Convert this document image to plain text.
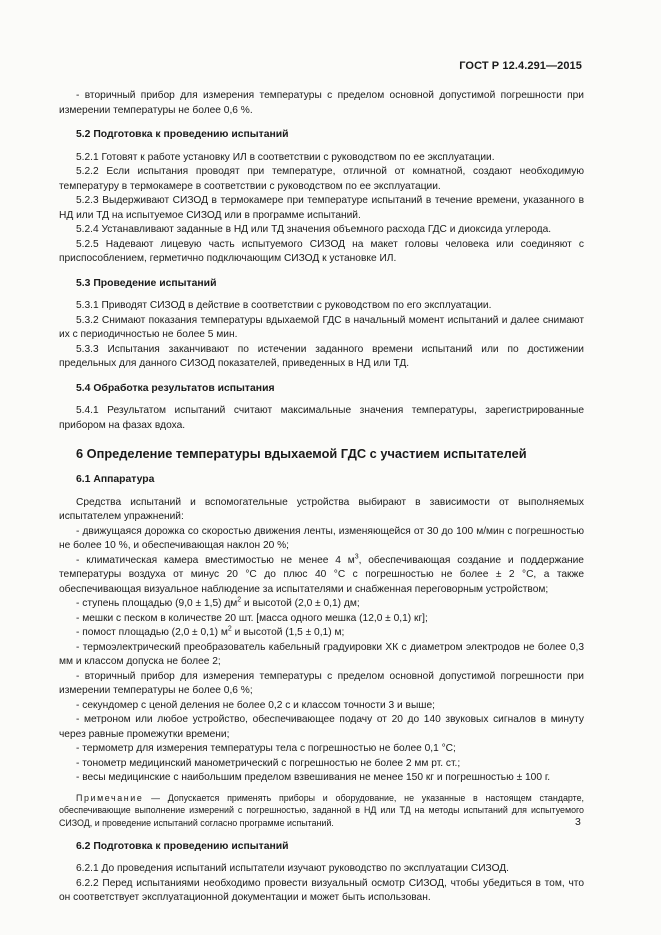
ГОСТ Р 12.4.291—2015

- вторичный прибор для измерения температуры с пределом основной допустимой погрешности при измерении температуры не более 0,6 %.

5.2 Подготовка к проведению испытаний

5.2.1 Готовят к работе установку ИЛ в соответствии с руководством по ее эксплуатации.

5.2.2 Если испытания проводят при температуре, отличной от комнатной, создают необходимую температуру в термокамере в соответствии с руководством по ее эксплуатации.

5.2.3 Выдерживают СИЗОД в термокамере при температуре испытаний в течение времени, указанного в НД или ТД на испытуемое СИЗОД или в программе испытаний.

5.2.4 Устанавливают заданные в НД или ТД значения объемного расхода ГДС и диоксида углерода.

5.2.5 Надевают лицевую часть испытуемого СИЗОД на макет головы человека или соединяют с приспособлением, герметично подключающим СИЗОД к установке ИЛ.

5.3 Проведение испытаний

5.3.1 Приводят СИЗОД в действие в соответствии с руководством по его эксплуатации.

5.3.2 Снимают показания температуры вдыхаемой ГДС в начальный момент испытаний и далее снимают их с периодичностью не более 5 мин.

5.3.3 Испытания заканчивают по истечении заданного времени испытаний или по достижении предельных для данного СИЗОД показателей, приведенных в НД или ТД.

5.4 Обработка результатов испытания

5.4.1 Результатом испытаний считают максимальные значения температуры, зарегистрированные прибором на фазах вдоха.

6 Определение температуры вдыхаемой ГДС с участием испытателей

6.1 Аппаратура

Средства испытаний и вспомогательные устройства выбирают в зависимости от выполняемых испытателем упражнений:

- движущаяся дорожка со скоростью движения ленты, изменяющейся от 30 до 100 м/мин с погрешностью не более 10 %, и обеспечивающая наклон 20 %;

- климатическая камера вместимостью не менее 4 $м^3$, обеспечивающая создание и поддержание температуры воздуха от минус 20 °C до плюс 40 °C с погрешностью не более ± 2 °C, а также обеспечивающая визуальное наблюдение за испытателями и снабженная переговорным устройством;

- ступень площадью (9,0 ± 1,5) $дм^2$ и высотой (2,0 ± 0,1) дм;

- мешки с песком в количестве 20 шт. [масса одного мешка (12,0 ± 0,1) кг];

- помост площадью (2,0 ± 0,1) $м^2$ и высотой (1,5 ± 0,1) м;

- термоэлектрический преобразователь кабельный градуировки ХК с диаметром электродов не более 0,3 мм и классом допуска не более 2;

- вторичный прибор для измерения температуры с пределом основной допустимой погрешности при измерении температуры не более 0,6 %;

- секундомер с ценой деления не более 0,2 с и классом точности 3 и выше;

- метроном или любое устройство, обеспечивающее подачу от 20 до 140 звуковых сигналов в минуту через равные промежутки времени;

- термометр для измерения температуры тела с погрешностью не более 0,1 °C;

- тонометр медицинский манометрический с погрешностью не более 2 мм рт. ст.;

- весы медицинские с наибольшим пределом взвешивания не менее 150 кг и погрешностью ± 100 г.

Примечание — Допускается применять приборы и оборудование, не указанные в настоящем стандарте, обеспечивающие выполнение измерений с погрешностью, заданной в НД или ТД на методы испытаний для испытуемого СИЗОД, и проведение испытаний согласно программе испытаний.

6.2 Подготовка к проведению испытаний

6.2.1 До проведения испытаний испытатели изучают руководство по эксплуатации СИЗОД.

6.2.2 Перед испытаниями необходимо провести визуальный осмотр СИЗОД, чтобы убедиться в том, что он соответствует эксплуатационной документации и может быть использован.

3
